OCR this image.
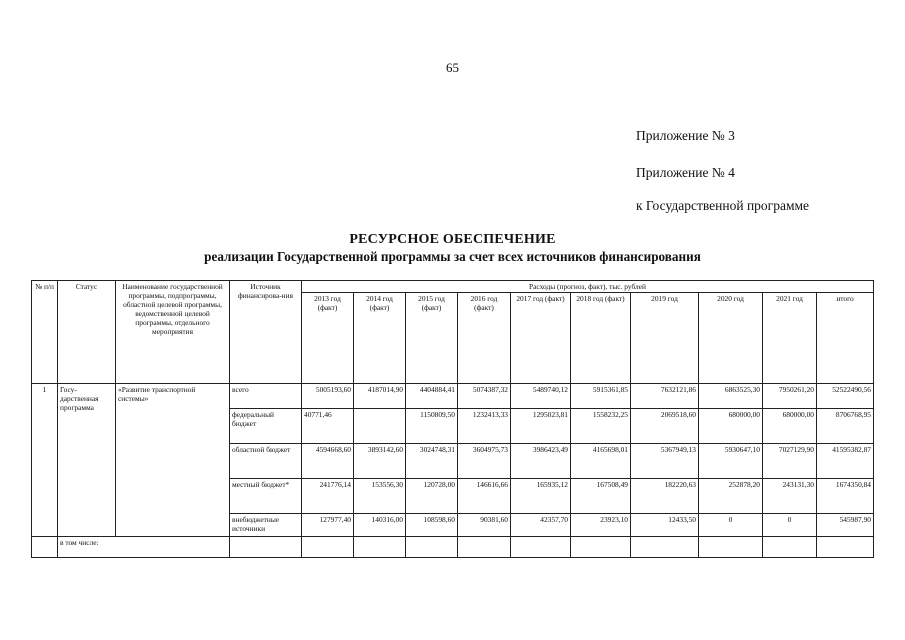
65
Приложение № 3
Приложение № 4
к Государственной программе
РЕСУРСНОЕ ОБЕСПЕЧЕНИЕ
реализации Государственной программы за счет всех источников финансирования
№ п/п	Статус	Наименование государственной программы, подпрограммы, областной целевой программы, ведомственной целевой программы, отдельного мероприятия	Источник финансирова-ния	Расходы (прогноз, факт), тыс. рублей									
				2013 год (факт)	2014 год (факт)	2015 год (факт)	2016 год (факт)	2017 год (факт)	2018 год (факт)	2019 год	2020 год	2021 год	итого
1	Госу-дарственная программа	«Развитие транспортной системы»	всего	5005193,60	4187014,90	4404884,41	5074387,32	5489740,12	5915361,85	7632121,86	6863525,30	7950261,20	52522490,56
			федеральный бюджет	40771,46		1150809,50	1232413,33	1295023,81	1558232,25	2069518,60	680000,00	680000,00	8706768,95
			областной бюджет	4594668,60	3893142,60	3024748,31	3604975,73	3986423,49	4165698,01	5367949,13	5930647,10	7027129,90	41595382,87
			местный бюджет*	241776,14	153556,30	120728,00	146616,66	165935,12	167508,49	182220,63	252878,20	243131,30	1674350,84
			внебюджетные источники	127977,40	140316,00	108598,60	90381,60	42357,70	23923,10	12433,50	0	0	545987,90
	в том числе:												
